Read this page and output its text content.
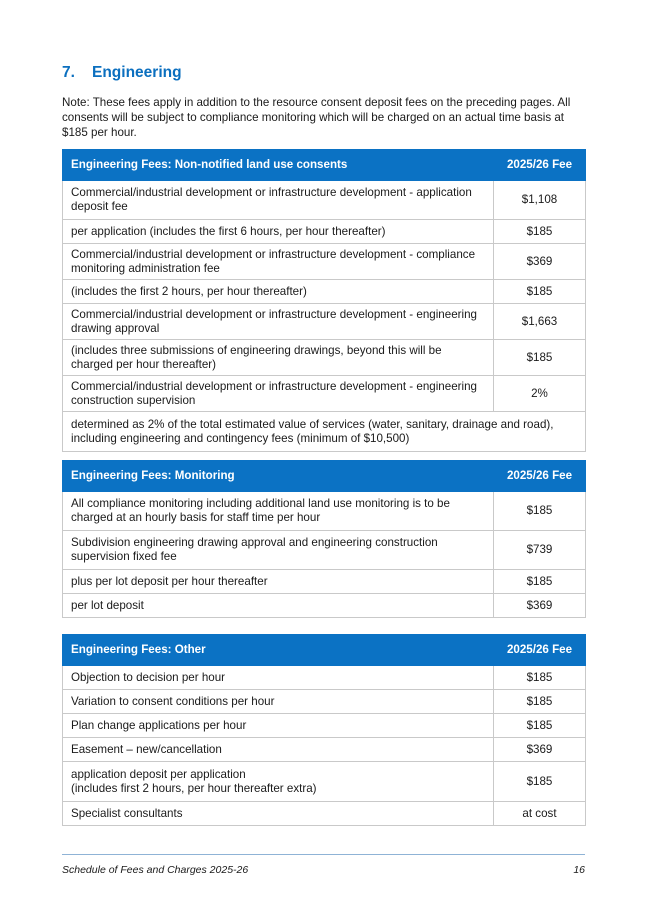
7. Engineering
Note: These fees apply in addition to the resource consent deposit fees on the preceding pages. All consents will be subject to compliance monitoring which will be charged on an actual time basis at $185 per hour.
Engineering Fees: Non-notified land use consents	2025/26 Fee
Commercial/industrial development or infrastructure development - application deposit fee	$1,108
per application (includes the first 6 hours, per hour thereafter)	$185
Commercial/industrial development or infrastructure development - compliance monitoring administration fee	$369
(includes the first 2 hours, per hour thereafter)	$185
Commercial/industrial development or infrastructure development - engineering drawing approval	$1,663
(includes three submissions of engineering drawings, beyond this will be charged per hour thereafter)	$185
Commercial/industrial development or infrastructure development - engineering construction supervision	2%
determined as 2% of the total estimated value of services (water, sanitary, drainage and road), including engineering and contingency fees (minimum of $10,500)	
Engineering Fees: Monitoring	2025/26 Fee
All compliance monitoring including additional land use monitoring is to be charged at an hourly basis for staff time per hour	$185
Subdivision engineering drawing approval and engineering construction supervision fixed fee	$739
plus per lot deposit per hour thereafter	$185
per lot deposit	$369
Engineering Fees: Other	2025/26 Fee
Objection to decision per hour	$185
Variation to consent conditions per hour	$185
Plan change applications per hour	$185
Easement – new/cancellation	$369
application deposit per application
(includes first 2 hours, per hour thereafter extra)	$185
Specialist consultants	at cost
Schedule of Fees and Charges 2025-26	16
